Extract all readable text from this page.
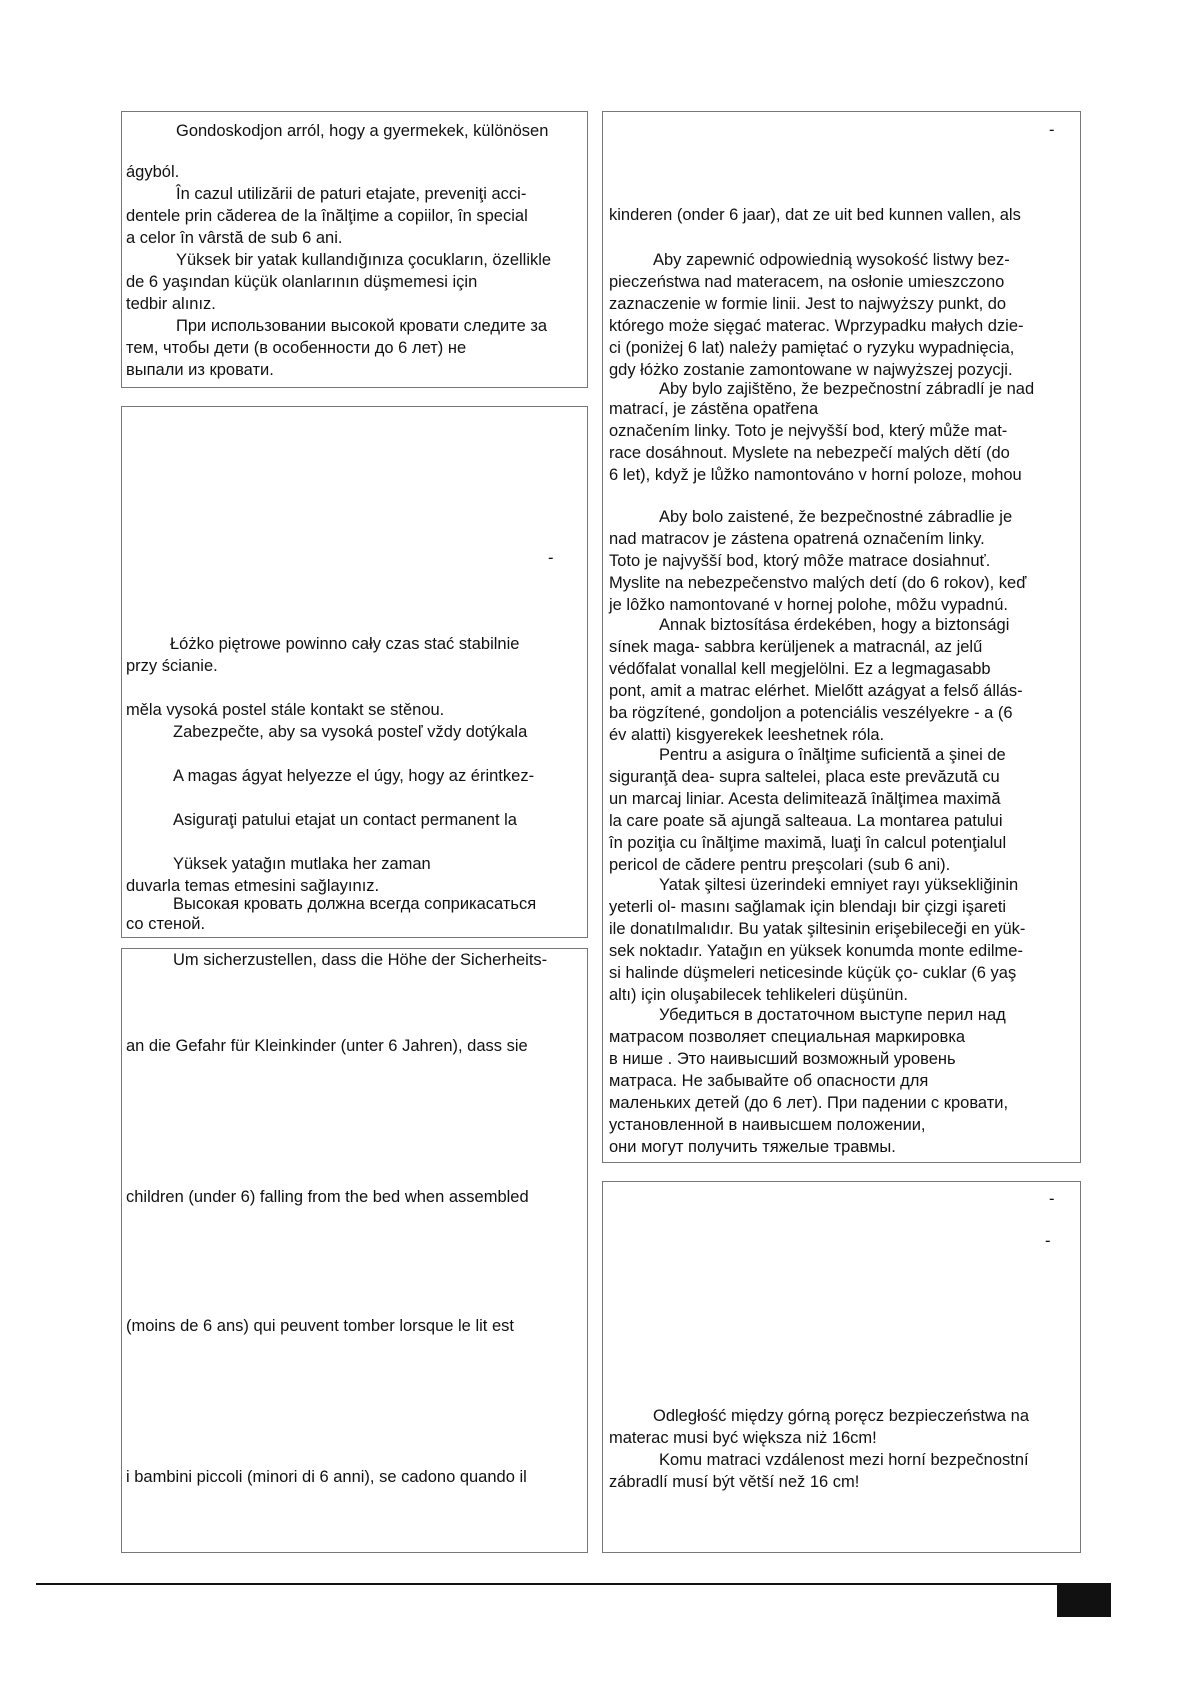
Gondoskodjon arról, hogy a gyermekek, különösen
ágyból.
În cazul utilizării de paturi etajate, preveniţi acci-
dentele prin căderea de la înălţime a copiilor, în special
a celor în vârstă de sub 6 ani.
Yüksek bir yatak kullandığınıza çocukların, özellikle
de 6 yaşından küçük olanlarının düşmemesi için
tedbir alınız.
При использовании высокой кровати следите за
тем, чтобы дети (в особенности до 6 лет) не
выпали из кровати.
-
Łóżko piętrowe powinno cały czas stać stabilnie
przy ścianie.
měla vysoká postel stále kontakt se stěnou.
Zabezpečte, aby sa vysoká posteľ vždy dotýkala
A magas ágyat helyezze el úgy, hogy az érintkez-
Asiguraţi patului etajat un contact permanent la
Yüksek yatağın mutlaka her zaman
duvarla temas etmesini sağlayınız.
Высокая кровать должна всегда соприкасаться
со стеной.
Um sicherzustellen, dass die Höhe der Sicherheits-
an die Gefahr für Kleinkinder (unter 6 Jahren), dass sie
children (under 6) falling from the bed when assembled
(moins de 6 ans) qui peuvent tomber lorsque le lit est
i bambini piccoli (minori di 6 anni), se cadono quando il
-
kinderen (onder 6 jaar), dat ze uit bed kunnen vallen, als
Aby zapewnić odpowiednią wysokość listwy bez-
pieczeństwa nad materacem, na osłonie umieszczono
zaznaczenie w formie linii. Jest to najwyższy punkt, do
którego może sięgać materac. Wprzypadku małych dzie-
ci (poniżej 6 lat) należy pamiętać o ryzyku wypadnięcia,
gdy łóżko zostanie zamontowane w najwyższej pozycji.
Aby bylo zajištěno, že bezpečnostní zábradlí je nad
matrací, je zástěna opatřena
označením linky. Toto je nejvyšší bod, který může mat-
race dosáhnout. Myslete na nebezpečí malých dětí (do
6 let), když je lůžko namontováno v horní poloze, mohou
Aby bolo zaistené, že bezpečnostné zábradlie je
nad matracov je zástena opatrená označením linky.
Toto je najvyšší bod, ktorý môže matrace dosiahnuť.
Myslite na nebezpečenstvo malých detí (do 6 rokov), keď
je lôžko namontované v hornej polohe, môžu vypadnú.
Annak biztosítása érdekében, hogy a biztonsági
sínek maga- sabbra kerüljenek a matracnál, az jelű
védőfalat vonallal kell megjelölni. Ez a legmagasabb
pont, amit a matrac elérhet. Mielőtt azágyat a felső állás-
ba rögzítené, gondoljon a potenciális veszélyekre - a (6
év alatti) kisgyerekek leeshetnek róla.
Pentru a asigura o înălţime suficientă a şinei de
siguranţă dea- supra saltelei, placa este prevăzută cu
un marcaj liniar. Acesta delimitează înălţimea maximă
la care poate să ajungă salteaua. La montarea patului
în poziţia cu înălţime maximă, luaţi în calcul potenţialul
pericol de cădere pentru preşcolari (sub 6 ani).
Yatak şiltesi üzerindeki emniyet rayı yüksekliğinin
yeterli ol- masını sağlamak için blendajı bir çizgi işareti
ile donatılmalıdır. Bu yatak şiltesinin erişebileceği en yük-
sek noktadır. Yatağın en yüksek konumda monte edilme-
si halinde düşmeleri neticesinde küçük ço- cuklar (6 yaş
altı) için oluşabilecek tehlikeleri düşünün.
Убедиться в достаточном выступе перил над
матрасом позволяет специальная маркировка
в нише . Это наивысший возможный уровень
матраса. Не забывайте об опасности для
маленьких детей (до 6 лет). При падении с кровати,
установленной в наивысшем положении,
они могут получить тяжелые травмы.
-
-
Odległość między górną poręcz bezpieczeństwa na
materac musi być większa niż 16cm!
Komu matraci vzdálenost mezi horní bezpečnostní
zábradlí musí být větší než 16 cm!
